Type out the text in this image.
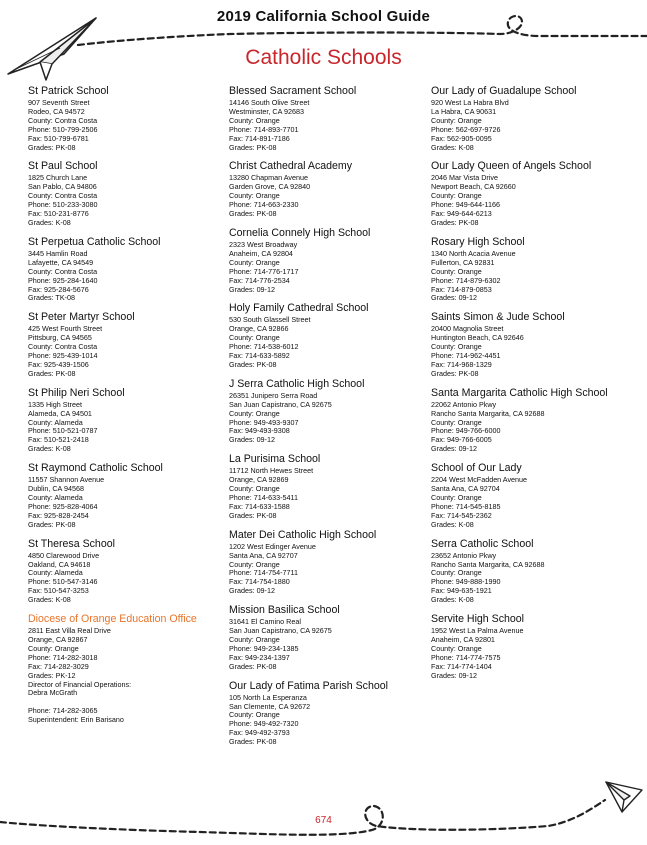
2019 California School Guide
Catholic Schools
St Patrick School
907 Seventh Street
Rodeo, CA 94572
County: Contra Costa
Phone: 510-799-2506
Fax: 510-799-6781
Grades: PK-08
St Paul School
1825 Church Lane
San Pablo, CA 94806
County: Contra Costa
Phone: 510-233-3080
Fax: 510-231-8776
Grades: K-08
St Perpetua Catholic School
3445 Hamlin Road
Lafayette, CA 94549
County: Contra Costa
Phone: 925-284-1640
Fax: 925-284-5676
Grades: TK-08
St Peter Martyr School
425 West Fourth Street
Pittsburg, CA 94565
County: Contra Costa
Phone: 925-439-1014
Fax: 925-439-1506
Grades: PK-08
St Philip Neri School
1335 High Street
Alameda, CA 94501
County: Alameda
Phone: 510-521-0787
Fax: 510-521-2418
Grades: K-08
St Raymond Catholic School
11557 Shannon Avenue
Dublin, CA 94568
County: Alameda
Phone: 925-828-4064
Fax: 925-828-2454
Grades: PK-08
St Theresa School
4850 Clarewood Drive
Oakland, CA 94618
County: Alameda
Phone: 510-547-3146
Fax: 510-547-3253
Grades: K-08
Diocese of Orange Education Office
2811 East Villa Real Drive
Orange, CA 92867
County: Orange
Phone: 714-282-3018
Fax: 714-282-3029
Grades: PK-12
Director of Financial Operations:
Debra McGrath
Phone: 714-282-3065
Superintendent: Erin Barisano
Blessed Sacrament School
14146 South Olive Street
Westminster, CA 92683
County: Orange
Phone: 714-893-7701
Fax: 714-891-7186
Grades: PK-08
Christ Cathedral Academy
13280 Chapman Avenue
Garden Grove, CA 92840
County: Orange
Phone: 714-663-2330
Grades: PK-08
Cornelia Connely High School
2323 West Broadway
Anaheim, CA 92804
County: Orange
Phone: 714-776-1717
Fax: 714-776-2534
Grades: 09-12
Holy Family Cathedral School
530 South Glassell Street
Orange, CA 92866
County: Orange
Phone: 714-538-6012
Fax: 714-633-5892
Grades: PK-08
J Serra Catholic High School
26351 Junipero Serra Road
San Juan Capistrano, CA 92675
County: Orange
Phone: 949-493-9307
Fax: 949-493-9308
Grades: 09-12
La Purisima School
11712 North Hewes Street
Orange, CA 92869
County: Orange
Phone: 714-633-5411
Fax: 714-633-1588
Grades: PK-08
Mater Dei Catholic High School
1202 West Edinger Avenue
Santa Ana, CA 92707
County: Orange
Phone: 714-754-7711
Fax: 714-754-1880
Grades: 09-12
Mission Basilica School
31641 El Camino Real
San Juan Capistrano, CA 92675
County: Orange
Phone: 949-234-1385
Fax: 949-234-1397
Grades: PK-08
Our Lady of Fatima Parish School
105 North La Esperanza
San Clemente, CA 92672
County: Orange
Phone: 949-492-7320
Fax: 949-492-3793
Grades: PK-08
Our Lady of Guadalupe School
920 West La Habra Blvd
La Habra, CA 90631
County: Orange
Phone: 562-697-9726
Fax: 562-905-0095
Grades: K-08
Our Lady Queen of Angels School
2046 Mar Vista Drive
Newport Beach, CA 92660
County: Orange
Phone: 949-644-1166
Fax: 949-644-6213
Grades: PK-08
Rosary High School
1340 North Acacia Avenue
Fullerton, CA 92831
County: Orange
Phone: 714-879-6302
Fax: 714-879-0853
Grades: 09-12
Saints Simon & Jude School
20400 Magnolia Street
Huntington Beach, CA 92646
County: Orange
Phone: 714-962-4451
Fax: 714-968-1329
Grades: PK-08
Santa Margarita Catholic High School
22062 Antonio Pkwy
Rancho Santa Margarita, CA 92688
County: Orange
Phone: 949-766-6000
Fax: 949-766-6005
Grades: 09-12
School of Our Lady
2204 West McFadden Avenue
Santa Ana, CA 92704
County: Orange
Phone: 714-545-8185
Fax: 714-545-2362
Grades: K-08
Serra Catholic School
23652 Antonio Pkwy
Rancho Santa Margarita, CA 92688
County: Orange
Phone: 949-888-1990
Fax: 949-635-1921
Grades: K-08
Servite High School
1952 West La Palma Avenue
Anaheim, CA 92801
County: Orange
Phone: 714-774-7575
Fax: 714-774-1404
Grades: 09-12
674
